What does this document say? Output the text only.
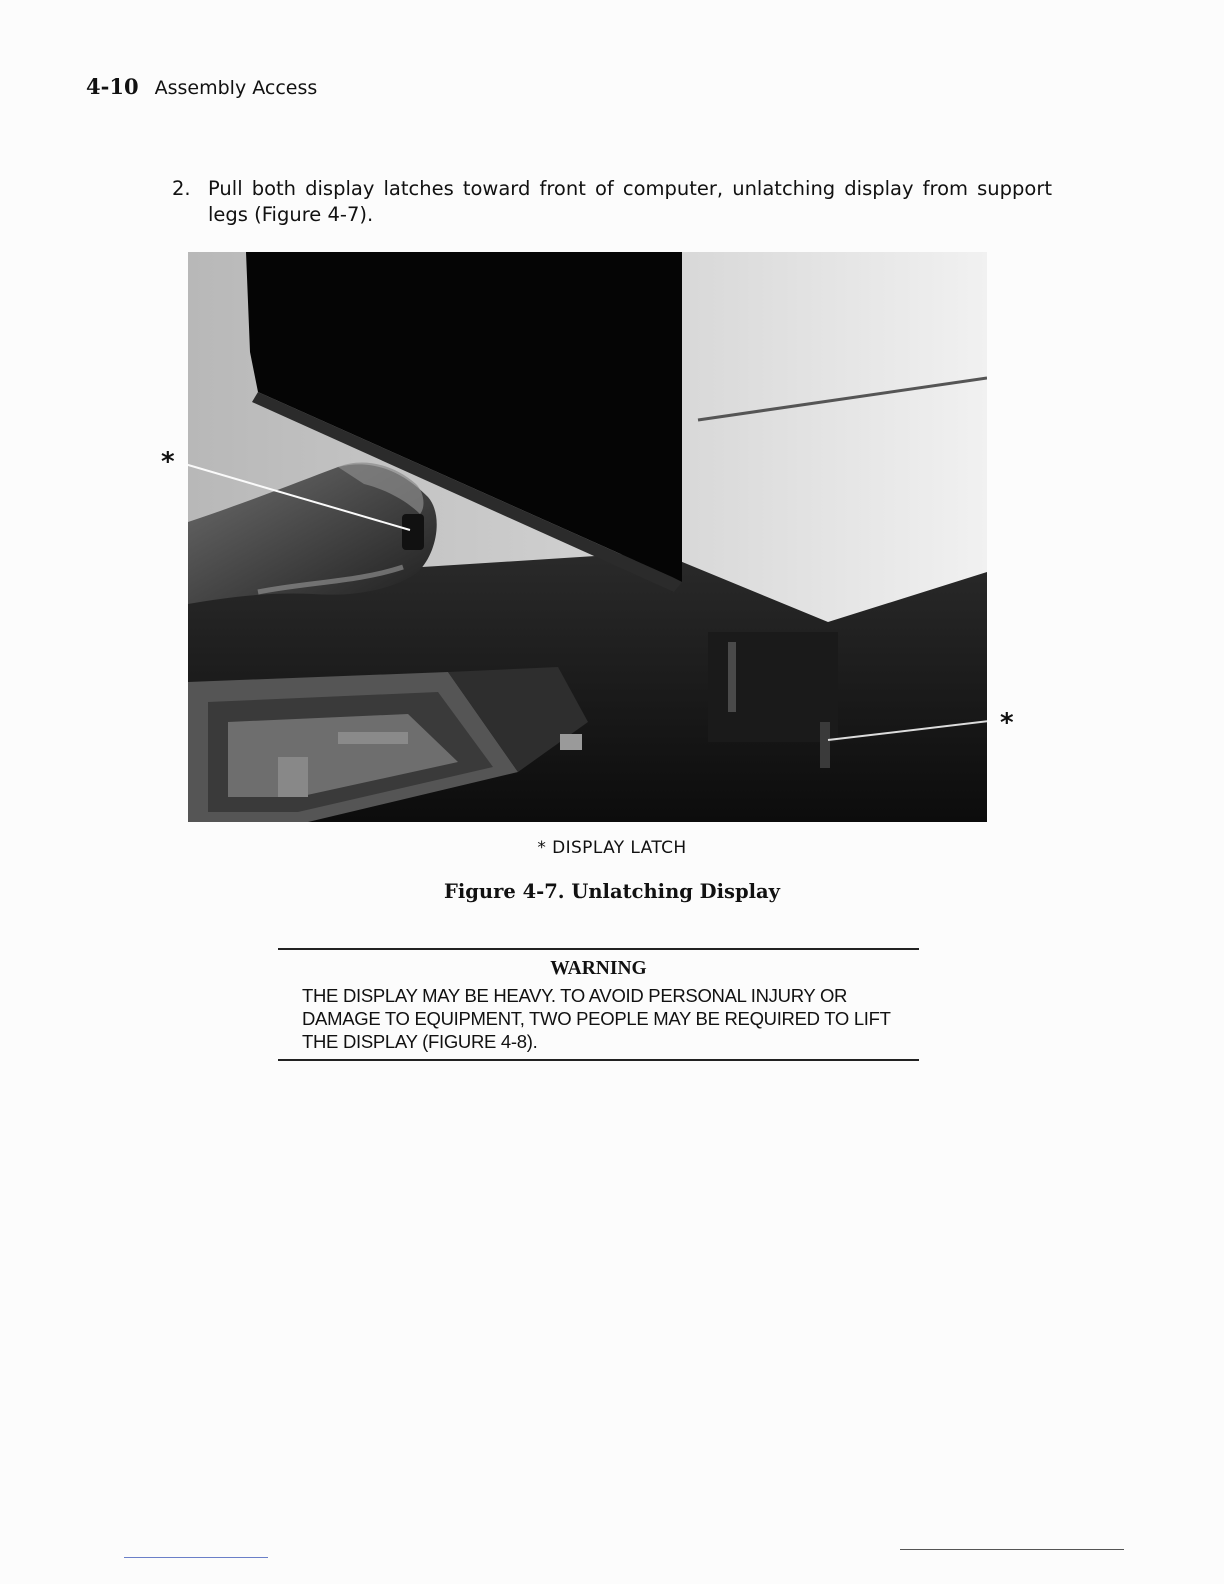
4-10 Assembly Access
2. Pull both display latches toward front of computer, unlatching display from support legs (Figure 4-7).
*
*
* DISPLAY LATCH
Figure 4-7. Unlatching Display
WARNING
THE DISPLAY MAY BE HEAVY. TO AVOID PERSONAL INJURY OR DAMAGE TO EQUIPMENT, TWO PEOPLE MAY BE REQUIRED TO LIFT THE DISPLAY (FIGURE 4-8).
